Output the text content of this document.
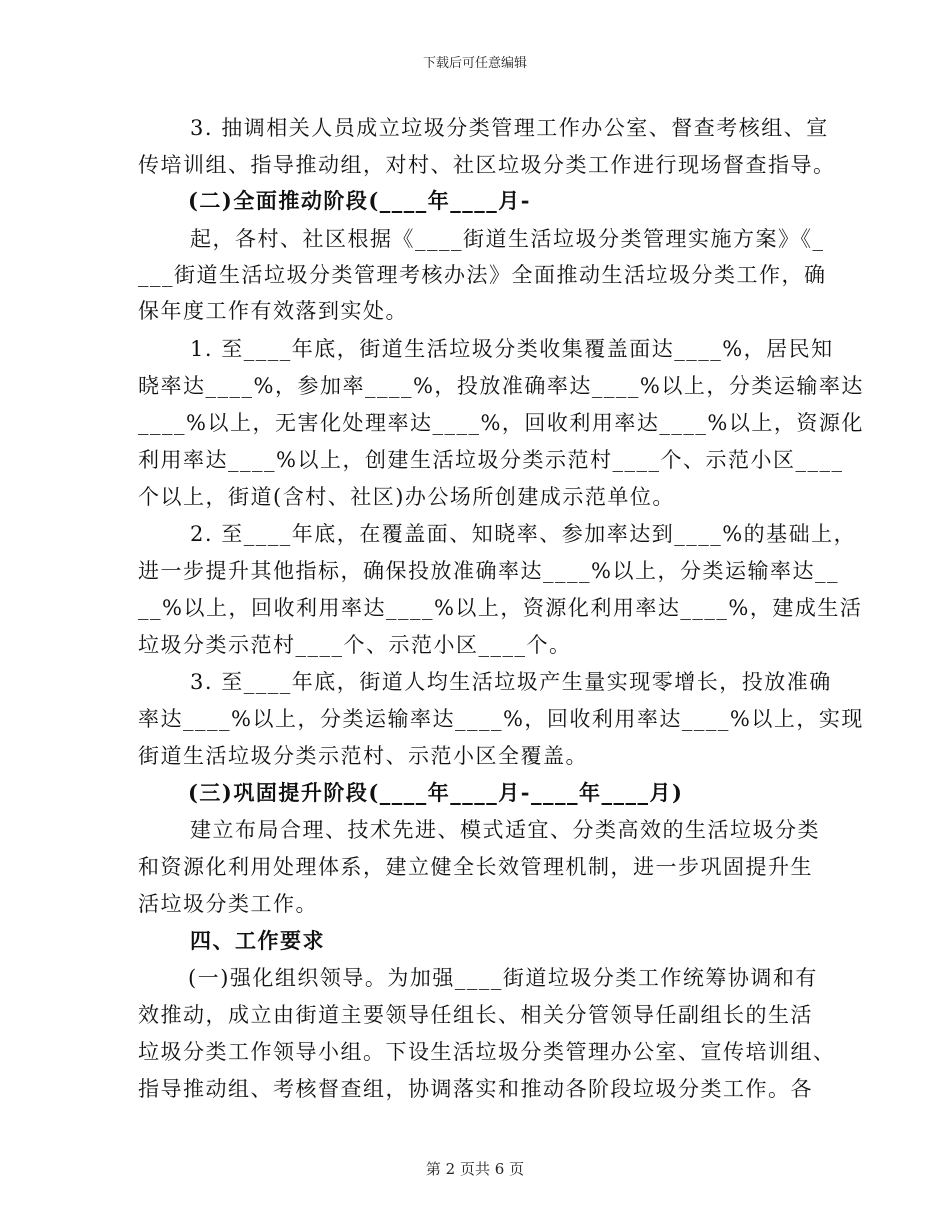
下载后可任意编辑
3. 抽调相关人员成立垃圾分类管理工作办公室、督查考核组、宣
传培训组、指导推动组，对村、社区垃圾分类工作进行现场督查指导。
(二)全面推动阶段(____年____月-
起，各村、社区根据《____街道生活垃圾分类管理实施方案》《_
___街道生活垃圾分类管理考核办法》全面推动生活垃圾分类工作，确
保年度工作有效落到实处。
1. 至____年底，街道生活垃圾分类收集覆盖面达____%，居民知
晓率达____%，参加率____%，投放准确率达____%以上，分类运输率达
____%以上，无害化处理率达____%，回收利用率达____%以上，资源化
利用率达____%以上，创建生活垃圾分类示范村____个、示范小区____
个以上，街道(含村、社区)办公场所创建成示范单位。
2. 至____年底，在覆盖面、知晓率、参加率达到____%的基础上，
进一步提升其他指标，确保投放准确率达____%以上，分类运输率达__
__%以上，回收利用率达____%以上，资源化利用率达____%，建成生活
垃圾分类示范村____个、示范小区____个。
3. 至____年底，街道人均生活垃圾产生量实现零增长，投放准确
率达____%以上，分类运输率达____%，回收利用率达____%以上，实现
街道生活垃圾分类示范村、示范小区全覆盖。
(三)巩固提升阶段(____年____月-____年____月)
建立布局合理、技术先进、模式适宜、分类高效的生活垃圾分类
和资源化利用处理体系，建立健全长效管理机制，进一步巩固提升生
活垃圾分类工作。
四、工作要求
(一)强化组织领导。为加强____街道垃圾分类工作统筹协调和有
效推动，成立由街道主要领导任组长、相关分管领导任副组长的生活
垃圾分类工作领导小组。下设生活垃圾分类管理办公室、宣传培训组、
指导推动组、考核督查组，协调落实和推动各阶段垃圾分类工作。各
第 2 页共 6 页
